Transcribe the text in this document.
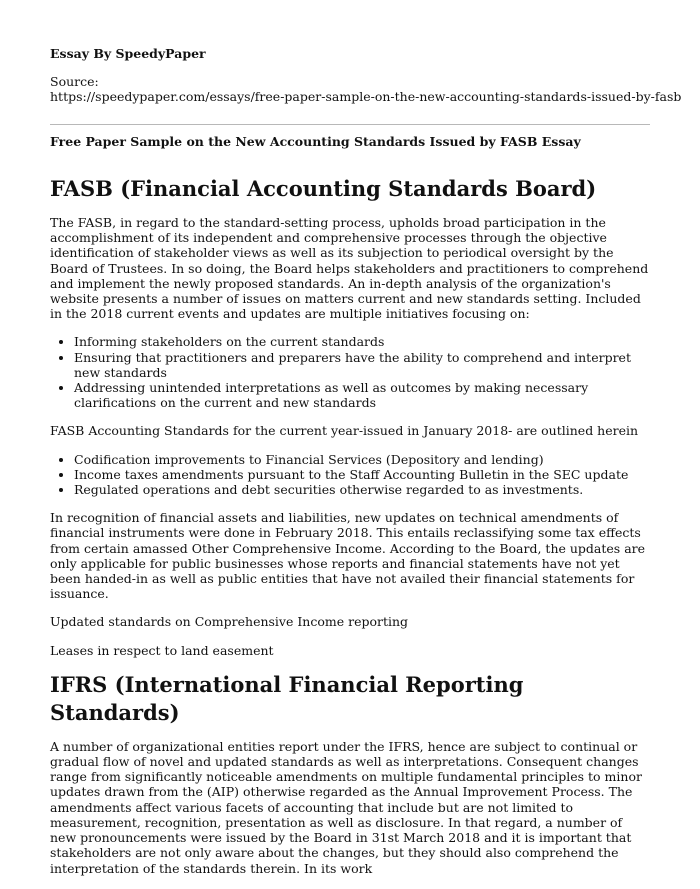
Essay By SpeedyPaper
Source:
https://speedypaper.com/essays/free-paper-sample-on-the-new-accounting-standards-issued-by-fasb
Free Paper Sample on the New Accounting Standards Issued by FASB Essay
FASB (Financial Accounting Standards Board)

The FASB, in regard to the standard-setting process, upholds broad participation in the accomplishment of its independent and comprehensive processes through the objective identification of stakeholder views as well as its subjection to periodical oversight by the Board of Trustees. In so doing, the Board helps stakeholders and practitioners to comprehend and implement the newly proposed standards. An in-depth analysis of the organization's website presents a number of issues on matters current and new standards setting. Included in the 2018 current events and updates are multiple initiatives focusing on:

• Informing stakeholders on the current standards
• Ensuring that practitioners and preparers have the ability to comprehend and interpret new standards
• Addressing unintended interpretations as well as outcomes by making necessary clarifications on the current and new standards

FASB Accounting Standards for the current year-issued in January 2018- are outlined herein

• Codification improvements to Financial Services (Depository and lending)
• Income taxes amendments pursuant to the Staff Accounting Bulletin in the SEC update
• Regulated operations and debt securities otherwise regarded to as investments.

In recognition of financial assets and liabilities, new updates on technical amendments of financial instruments were done in February 2018. This entails reclassifying some tax effects from certain amassed Other Comprehensive Income. According to the Board, the updates are only applicable for public businesses whose reports and financial statements have not yet been handed-in as well as public entities that have not availed their financial statements for issuance.

Updated standards on Comprehensive Income reporting

Leases in respect to land easement

IFRS (International Financial Reporting Standards)

A number of organizational entities report under the IFRS, hence are subject to continual or gradual flow of novel and updated standards as well as interpretations. Consequent changes range from significantly noticeable amendments on multiple fundamental principles to minor updates drawn from the (AIP) otherwise regarded as the Annual Improvement Process. The amendments affect various facets of accounting that include but are not limited to measurement, recognition, presentation as well as disclosure. In that regard, a number of new pronouncements were issued by the Board in 31st March 2018 and it is important that stakeholders are not only aware about the changes, but they should also comprehend the interpretation of the standards therein. In its work
